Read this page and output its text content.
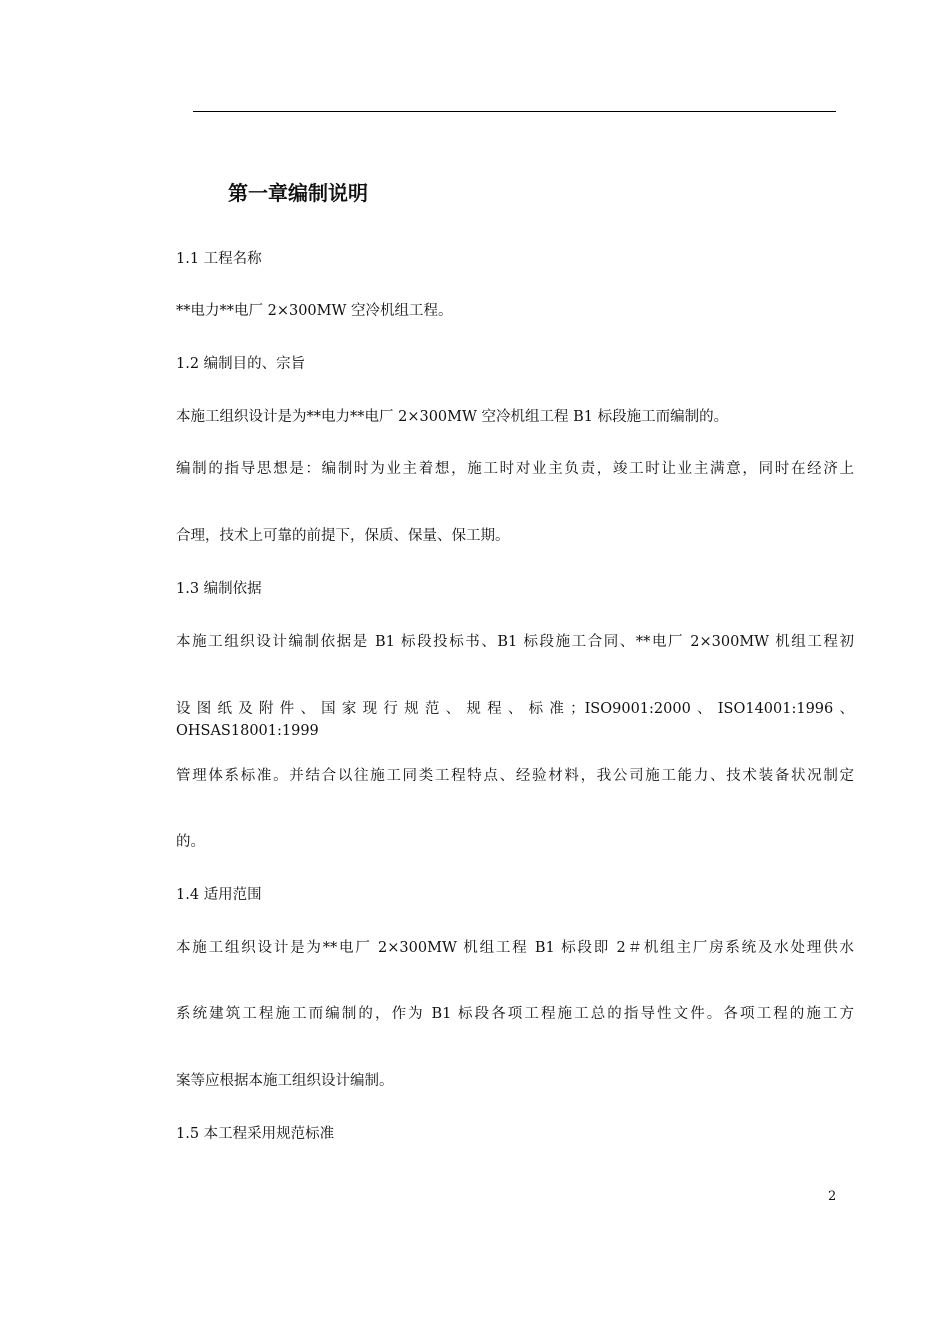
第一章编制说明
1.1 工程名称
**电力**电厂 2×300MW 空冷机组工程。
1.2 编制目的、宗旨
本施工组织设计是为**电力**电厂 2×300MW 空冷机组工程 B1 标段施工而编制的。
编制的指导思想是：编制时为业主着想，施工时对业主负责，竣工时让业主满意，同时在经济上
合理，技术上可靠的前提下，保质、保量、保工期。
1.3 编制依据
本施工组织设计编制依据是 B1 标段投标书、B1 标段施工合同、**电厂 2×300MW 机组工程初
设图纸及附件、国家现行规范、规程、标准；ISO9001:2000、ISO14001:1996、OHSAS18001:1999
管理体系标准。并结合以往施工同类工程特点、经验材料，我公司施工能力、技术装备状况制定
的。
1.4 适用范围
本施工组织设计是为**电厂 2×300MW 机组工程 B1 标段即 2＃机组主厂房系统及水处理供水
系统建筑工程施工而编制的，作为 B1 标段各项工程施工总的指导性文件。各项工程的施工方
案等应根据本施工组织设计编制。
1.5 本工程采用规范标准
2
